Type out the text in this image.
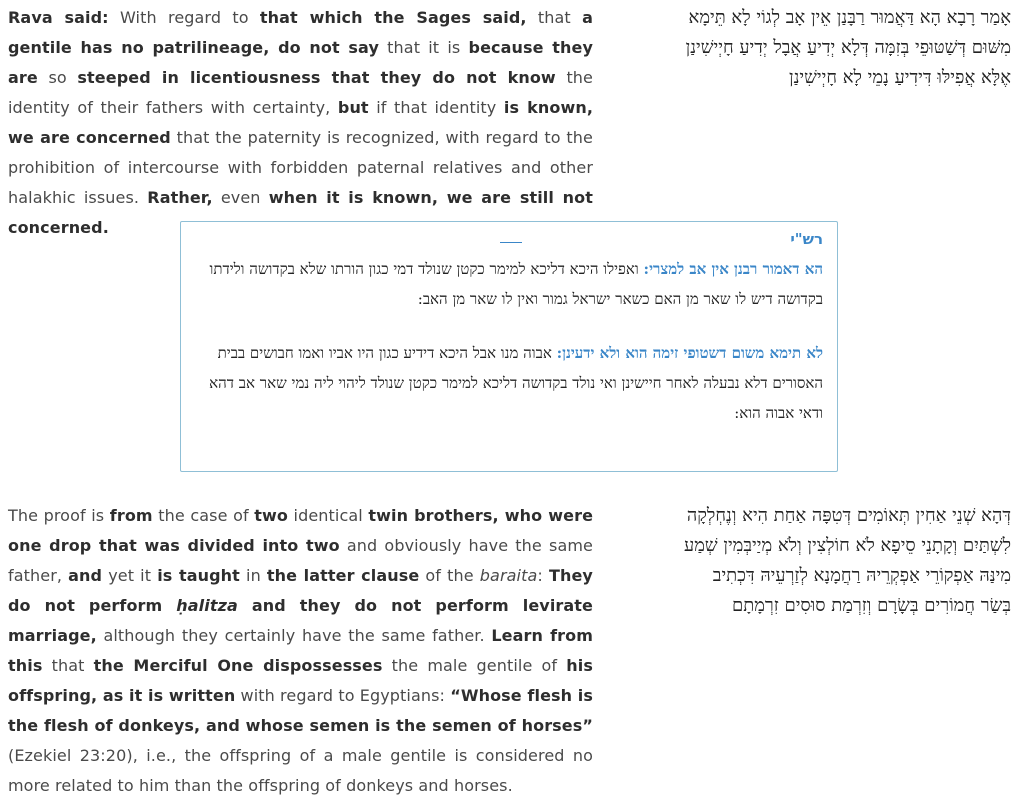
Rava said: With regard to that which the Sages said, that a gentile has no patrilineage, do not say that it is because they are so steeped in licentiousness that they do not know the identity of their fathers with certainty, but if that identity is known, we are concerned that the paternity is recognized, with regard to the prohibition of intercourse with forbidden paternal relatives and other halakhic issues. Rather, even when it is known, we are still not concerned.
אָמַר רָבָא הָא דַּאֲמוּר רַבָּנַן אֵין אָב לְגוֹי לָא תֵּימָא
מִשּׁוּם דְּשַׁטּוּפֵי בְּזִמָּה דְּלָא יְדִיעַ אֲבָל יְדִיעַ חָיְישִׁינַן
אֶלָּא אֲפִילּוּ דִּידִיעַ נָמֵי לָא חָיְישִׁינַן
רש"י
הא דאמור רבנן אין אב למצרי: ואפילו היכא דליכא למימר כקטן שנולד דמי כגון הורתו שלא בקדושה ולידתו בקדושה דיש לו שאר מן האם כשאר ישראל גמור ואין לו שאר מן האב:
לא תימא משום דשטופי זימה הוא ולא ידעינן: אבוה מנו אבל היכא דידיע כגון היו אביו ואמו חבושים בבית האסורים דלא נבעלה לאחר חיישינן ואי נולד בקדושה דליכא למימר כקטן שנולד ליהוי ליה נמי שאר אב דהא ודאי אבוה הוא:
The proof is from the case of two identical twin brothers, who were one drop that was divided into two and obviously have the same father, and yet it is taught in the latter clause of the baraita: They do not perform ḥalitza and they do not perform levirate marriage, although they certainly have the same father. Learn from this that the Merciful One dispossesses the male gentile of his offspring, as it is written with regard to Egyptians: “Whose flesh is the flesh of donkeys, and whose semen is the semen of horses” (Ezekiel 23:20), i.e., the offspring of a male gentile is considered no more related to him than the offspring of donkeys and horses.
דְּהָא שְׁנֵי אַחִין תְּאוֹמִים דְּטִפָּה אַחַת הִיא וְנֶחְלְקָה
לִשְׁתַּיִם וְקָתָנֵי סֵיפָא לֹא חוֹלְצִין וְלֹא מְיַיבְּמִין שְׁמַע
מִינַּהּ אַפְקוֹרֵי אַפְקְרֵיהּ רַחֲמָנָא לְזַרְעֵיהּ דִּכְתִיב
בְּשַׂר חֲמוֹרִים בְּשָׂרָם וְזִרְמַת סוּסִים זִרְמָתָם
